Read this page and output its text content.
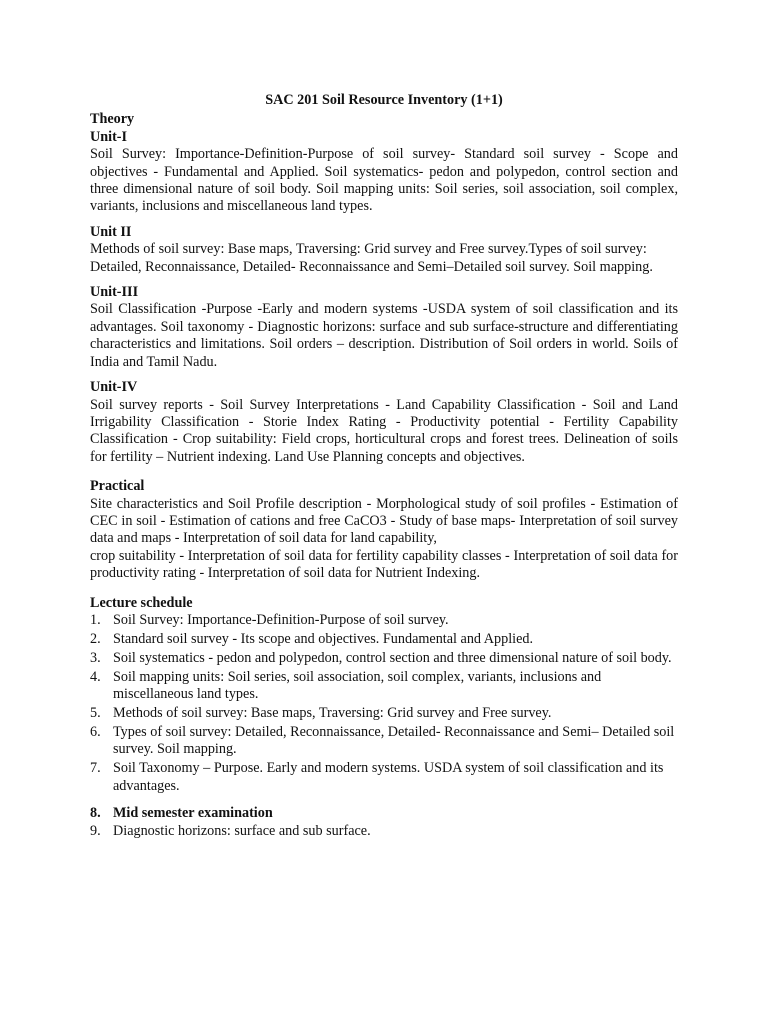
SAC 201 Soil Resource Inventory (1+1)

Theory

Unit-I

Soil Survey: Importance-Definition-Purpose of soil survey- Standard soil survey - Scope and objectives - Fundamental and Applied. Soil systematics- pedon and polypedon, control section and three dimensional nature of soil body. Soil mapping units: Soil series, soil association, soil complex, variants, inclusions and miscellaneous land types.

Unit II

Methods of soil survey: Base maps, Traversing: Grid survey and Free survey.Types of soil survey:

Detailed, Reconnaissance, Detailed- Reconnaissance and Semi–Detailed soil survey. Soil mapping.

Unit-III

Soil Classification -Purpose -Early and modern systems -USDA system of soil classification and its advantages. Soil taxonomy - Diagnostic horizons: surface and sub surface-structure and differentiating characteristics and limitations. Soil orders – description. Distribution of Soil orders in world. Soils of India and Tamil Nadu.

Unit-IV

Soil survey reports - Soil Survey Interpretations - Land Capability Classification - Soil and Land Irrigability Classification - Storie Index Rating - Productivity potential - Fertility Capability Classification - Crop suitability: Field crops, horticultural crops and forest trees. Delineation of soils for fertility – Nutrient indexing. Land Use Planning concepts and objectives.

Practical

Site characteristics and Soil Profile description - Morphological study of soil profiles - Estimation of CEC in soil - Estimation of cations and free CaCO3 - Study of base maps- Interpretation of soil survey data and maps - Interpretation of soil data for land capability,

crop suitability - Interpretation of soil data for fertility capability classes - Interpretation of soil data for productivity rating - Interpretation of soil data for Nutrient Indexing.

Lecture schedule

1. Soil Survey: Importance-Definition-Purpose of soil survey.
2. Standard soil survey - Its scope and objectives. Fundamental and Applied.
3. Soil systematics - pedon and polypedon, control section and three dimensional nature of soil body.
4. Soil mapping units: Soil series, soil association, soil complex, variants, inclusions and miscellaneous land types.
5. Methods of soil survey: Base maps, Traversing: Grid survey and Free survey.
6. Types of soil survey: Detailed, Reconnaissance, Detailed- Reconnaissance and Semi– Detailed soil survey. Soil mapping.
7. Soil Taxonomy – Purpose. Early and modern systems. USDA system of soil classification and its advantages.
8. Mid semester examination
9. Diagnostic horizons: surface and sub surface.
